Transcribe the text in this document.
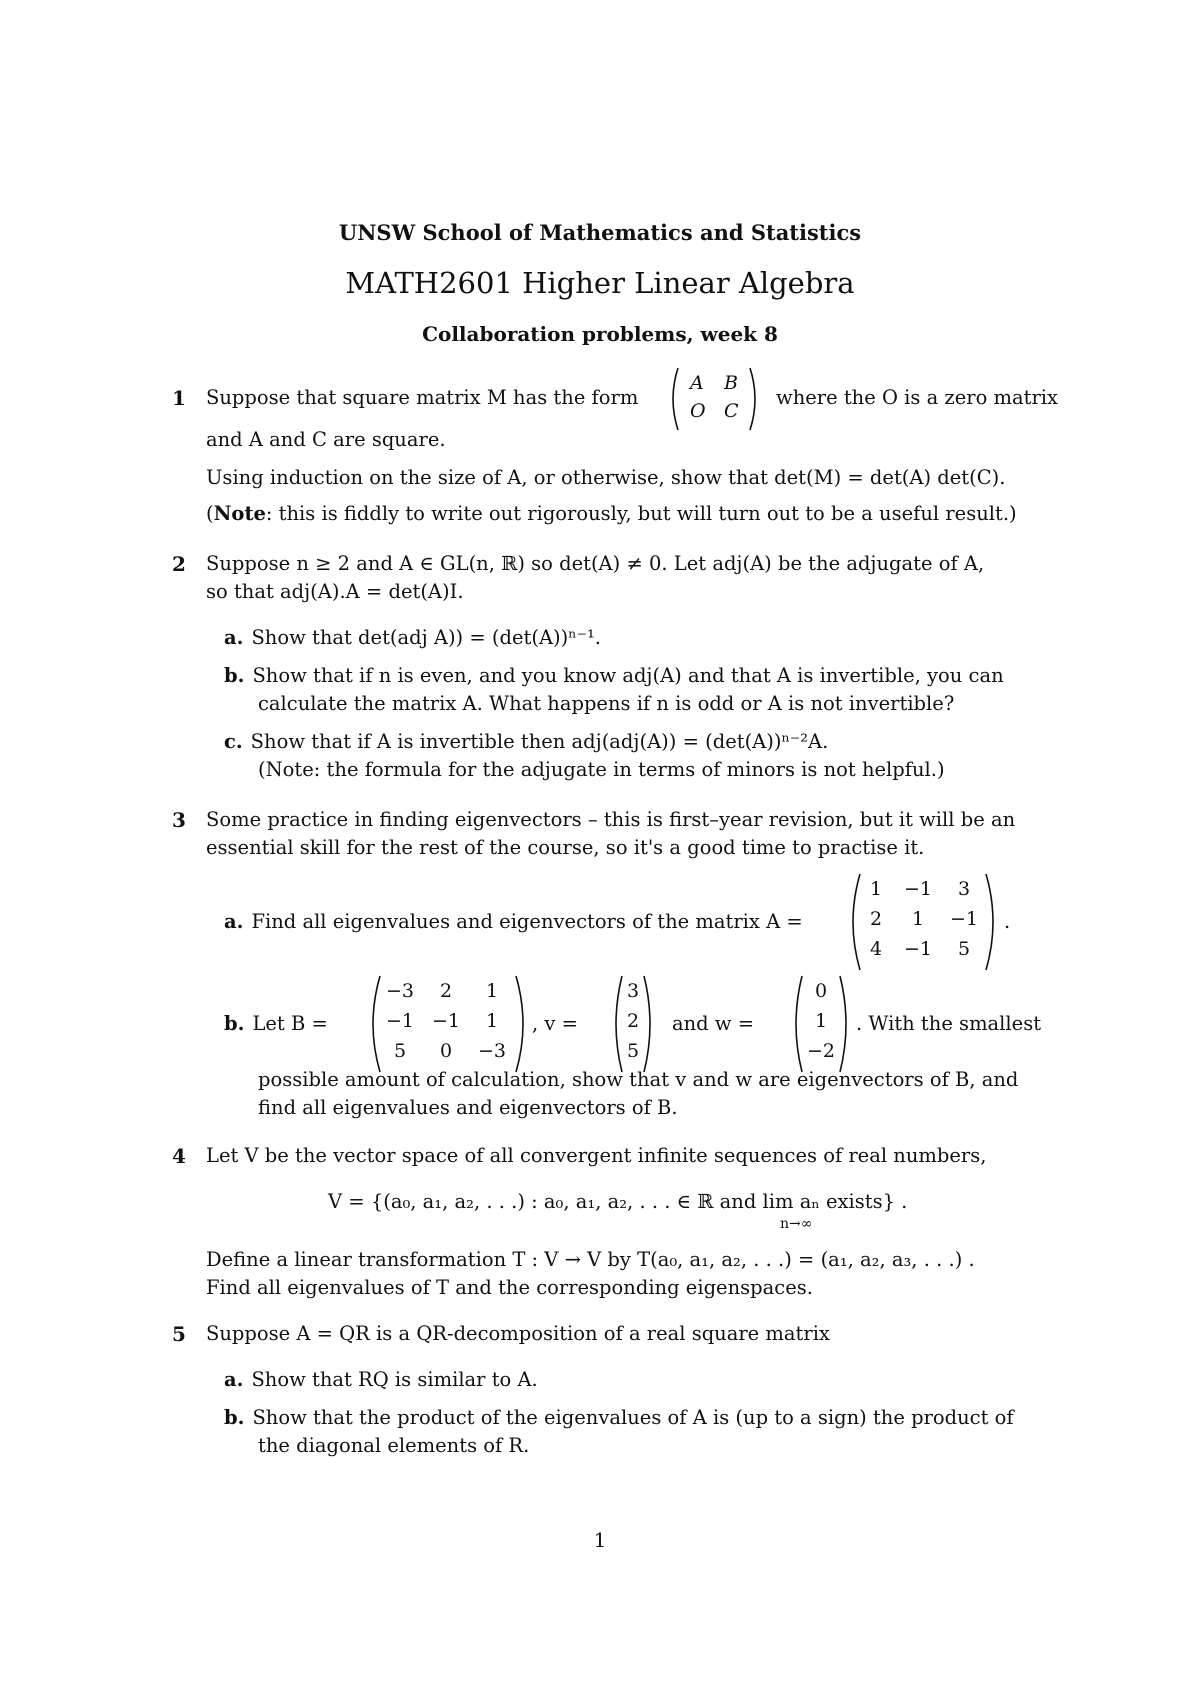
UNSW School of Mathematics and Statistics
MATH2601 Higher Linear Algebra
Collaboration problems, week 8
1 Suppose that square matrix M has the form
A B
O C
where the O is a zero matrix
and A and C are square.
Using induction on the size of A, or otherwise, show that det(M) = det(A) det(C).
(Note: this is fiddly to write out rigorously, but will turn out to be a useful result.)
2 Suppose n ≥ 2 and A ∈ GL(n, ℝ) so det(A) ≠ 0. Let adj(A) be the adjugate of A,
so that adj(A).A = det(A)I.
a. Show that det(adj A)) = (det(A))ⁿ⁻¹.
b. Show that if n is even, and you know adj(A) and that A is invertible, you can
calculate the matrix A. What happens if n is odd or A is not invertible?
c. Show that if A is invertible then adj(adj(A)) = (det(A))ⁿ⁻²A.
(Note: the formula for the adjugate in terms of minors is not helpful.)
3 Some practice in finding eigenvectors – this is first–year revision, but it will be an
essential skill for the rest of the course, so it's a good time to practise it.
a. Find all eigenvalues and eigenvectors of the matrix A =
1	−1	3
2	1	−1
4	−1	5
.
b. Let B =
−3	2	1
−1 −1	1
5	0	−3
, v =
3
2
5
and w =
0
1
−2
. With the smallest
possible amount of calculation, show that v and w are eigenvectors of B, and
find all eigenvalues and eigenvectors of B.
4 Let V be the vector space of all convergent infinite sequences of real numbers,
V = {(a₀, a₁, a₂, . . .) : a₀, a₁, a₂, . . . ∈ ℝ and lim aₙ exists} .
n→∞
Define a linear transformation T : V → V by T(a₀, a₁, a₂, . . .) = (a₁, a₂, a₃, . . .) .
Find all eigenvalues of T and the corresponding eigenspaces.
5 Suppose A = QR is a QR-decomposition of a real square matrix
a. Show that RQ is similar to A.
b. Show that the product of the eigenvalues of A is (up to a sign) the product of
the diagonal elements of R.
1
